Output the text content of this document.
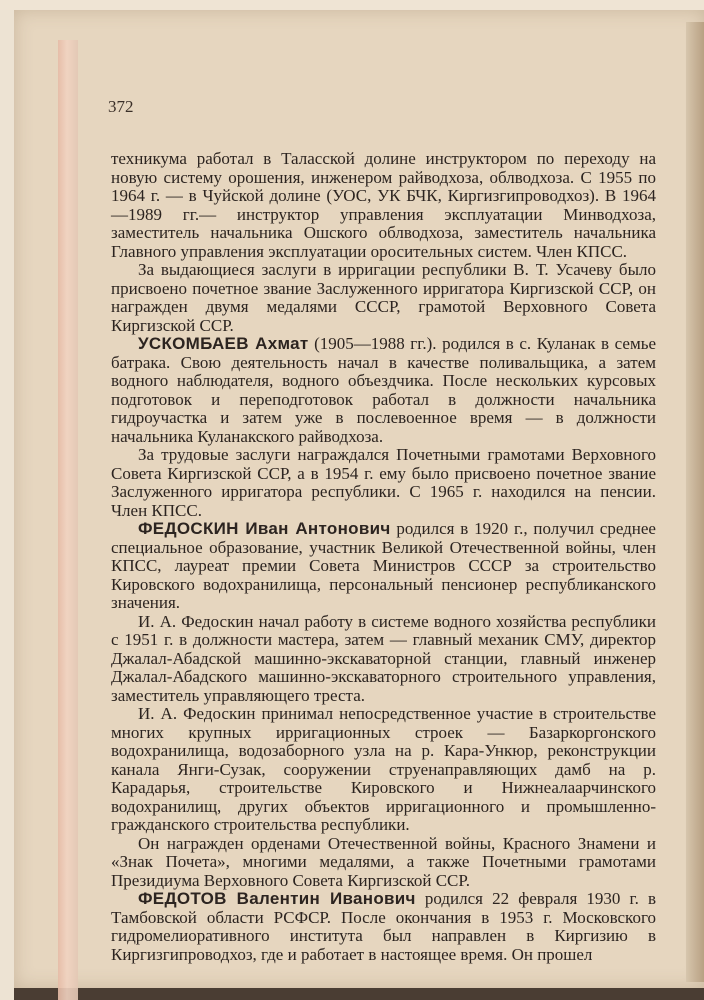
372

техникума работал в Таласской долине инструктором по переходу на новую систему орошения, инженером райводхоза, облводхоза. С 1955 по 1964 г. — в Чуйской долине (УОС, УК БЧК, Киргизгипроводхоз). В 1964—1989 гг.— инструктор управления эксплуатации Минводхоза, заместитель начальника Ошского облводхоза, заместитель начальника Главного управления эксплуатации оросительных систем. Член КПСС.

За выдающиеся заслуги в ирригации республики В. Т. Усачеву было присвоено почетное звание Заслуженного ирригатора Киргизской ССР, он награжден двумя медалями СССР, грамотой Верховного Совета Киргизской ССР.

УСКОМБАЕВ Ахмат (1905—1988 гг.). родился в с. Куланак в семье батрака. Свою деятельность начал в качестве поливальщика, а затем водного наблюдателя, водного объездчика. После нескольких курсовых подготовок и переподготовок работал в должности начальника гидроучастка и затем уже в послевоенное время — в должности начальника Куланакского райводхоза.

За трудовые заслуги награждался Почетными грамотами Верховного Совета Киргизской ССР, а в 1954 г. ему было присвоено почетное звание Заслуженного ирригатора республики. С 1965 г. находился на пенсии. Член КПСС.

ФЕДОСКИН Иван Антонович родился в 1920 г., получил среднее специальное образование, участник Великой Отечественной войны, член КПСС, лауреат премии Совета Министров СССР за строительство Кировского водохранилища, персональный пенсионер республиканского значения.

И. А. Федоскин начал работу в системе водного хозяйства республики с 1951 г. в должности мастера, затем — главный механик СМУ, директор Джалал-Абадской машинно-экскаваторной станции, главный инженер Джалал-Абадского машинно-экскаваторного строительного управления, заместитель управляющего треста.

И. А. Федоскин принимал непосредственное участие в строительстве многих крупных ирригационных строек — Базаркоргонского водохранилища, водозаборного узла на р. Кара-Ункюр, реконструкции канала Янги-Сузак, сооружении струенаправляющих дамб на р. Карадарья, строительстве Кировского и Нижнеалаарчинского водохранилищ, других объектов ирригационного и промышленно-гражданского строительства республики.

Он награжден орденами Отечественной войны, Красного Знамени и «Знак Почета», многими медалями, а также Почетными грамотами Президиума Верховного Совета Киргизской ССР.

ФЕДОТОВ Валентин Иванович родился 22 февраля 1930 г. в Тамбовской области РСФСР. После окончания в 1953 г. Московского гидромелиоративного института был направлен в Киргизию в Киргизгипроводхоз, где и работает в настоящее время. Он прошел
